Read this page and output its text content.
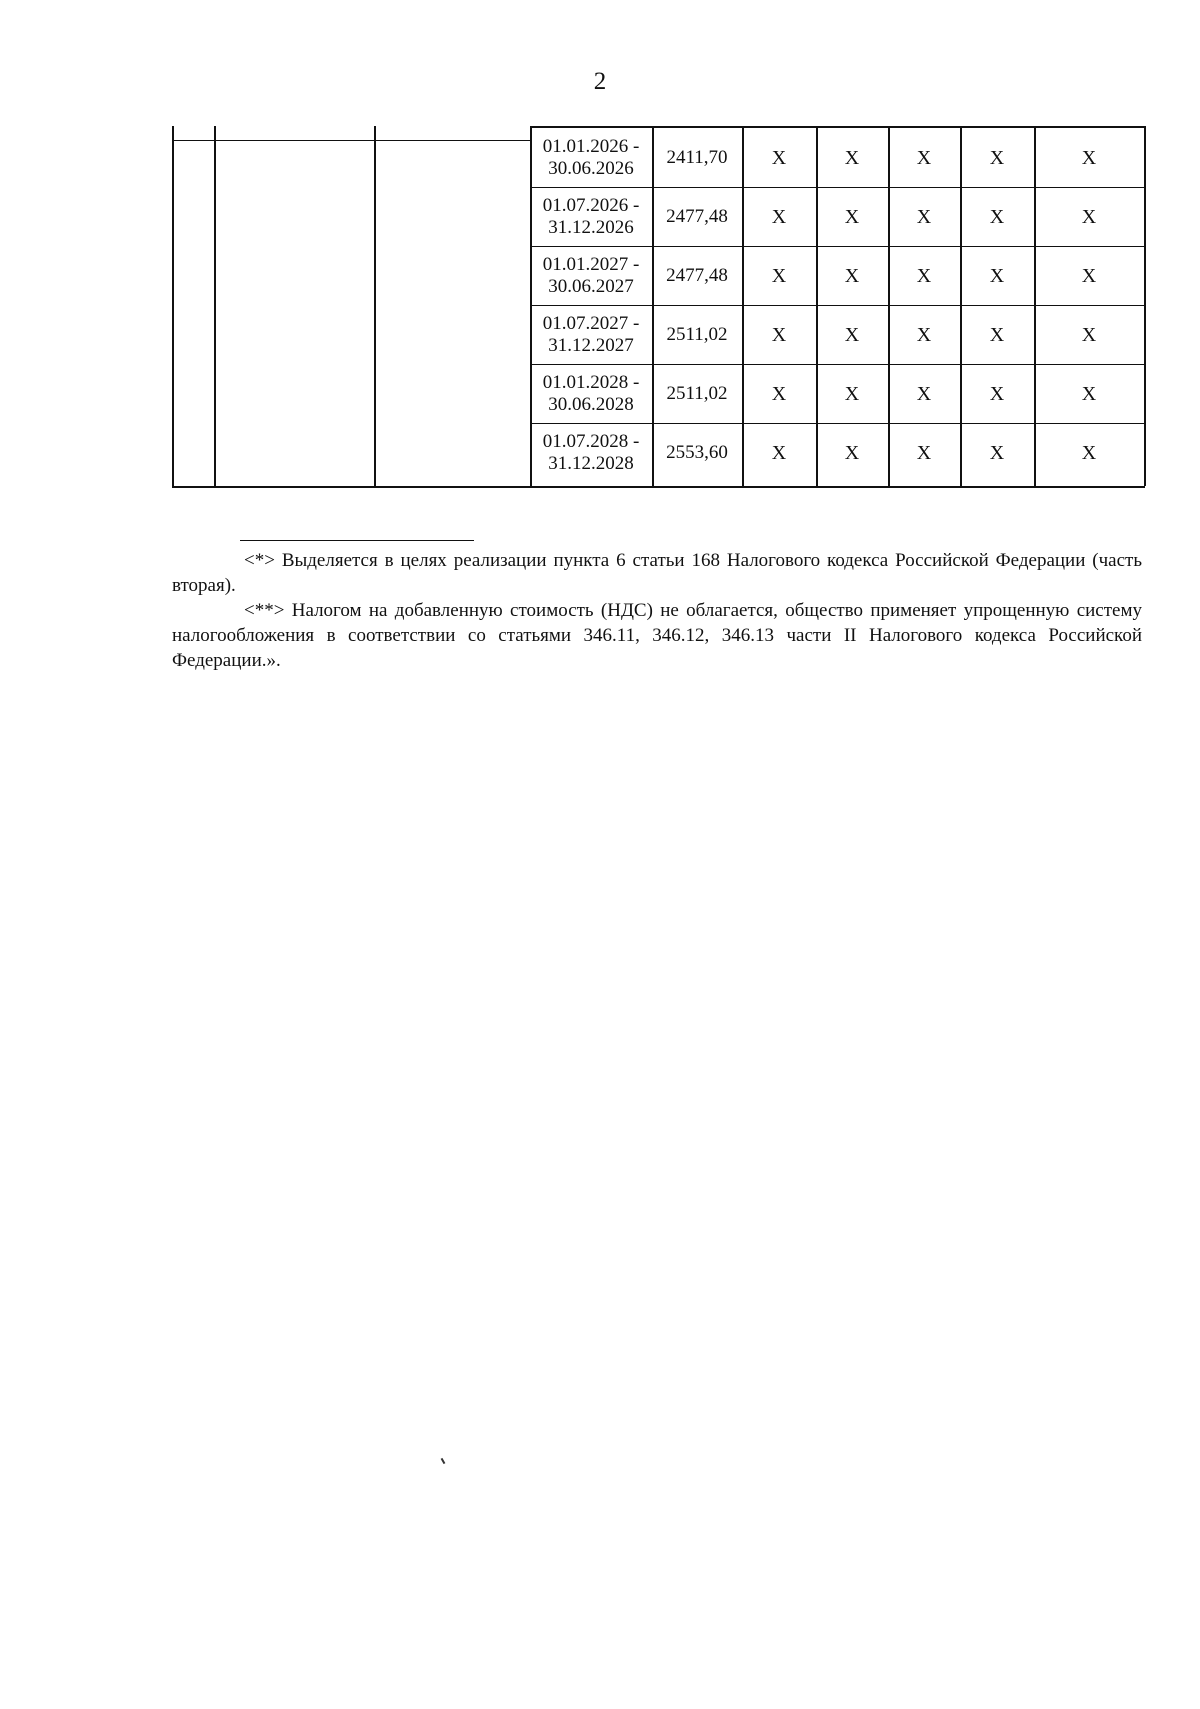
2
01.01.2026 -
30.06.2026
2411,70	X	X	X	X	X
01.07.2026 -
31.12.2026
2477,48	X	X	X	X	X
01.01.2027 -
30.06.2027
2477,48	X	X	X	X	X
01.07.2027 -
31.12.2027
2511,02	X	X	X	X	X
01.01.2028 -
30.06.2028
2511,02	X	X	X	X	X
01.07.2028 -
31.12.2028
2553,60	X	X	X	X	X

<*> Выделяется в целях реализации пункта 6 статьи 168 Налогового кодекса Российской Федерации (часть вторая).

<**> Налогом на добавленную стоимость (НДС) не облагается, общество применяет упрощенную систему налогообложения в соответствии со статьями 346.11, 346.12, 346.13 части II Налогового кодекса Российской Федерации.».
